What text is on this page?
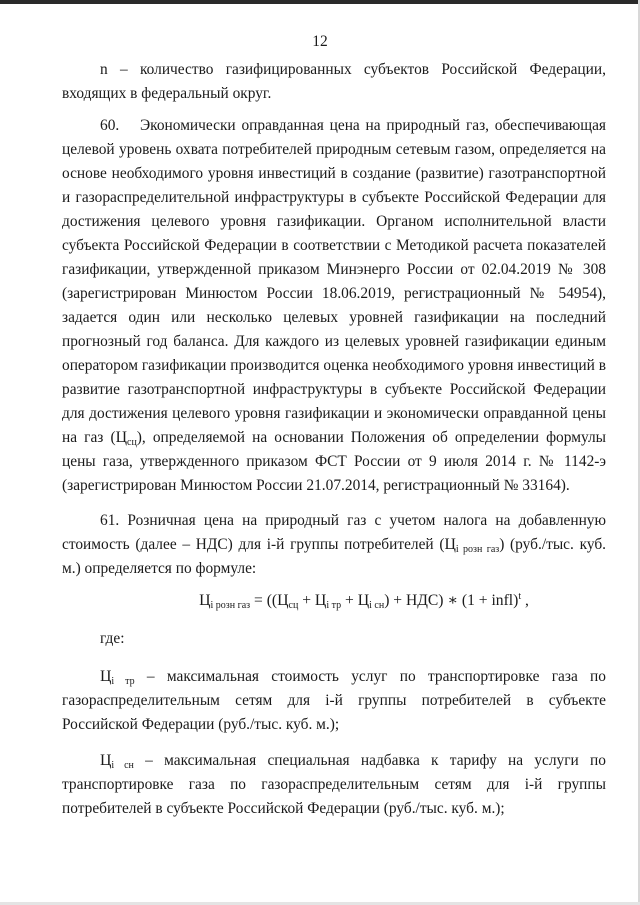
12

n – количество газифицированных субъектов Российской Федерации, входящих в федеральный округ.

60. Экономически оправданная цена на природный газ, обеспечивающая целевой уровень охвата потребителей природным сетевым газом, определяется на основе необходимого уровня инвестиций в создание (развитие) газотранспортной и газораспределительной инфраструктуры в субъекте Российской Федерации для достижения целевого уровня газификации. Органом исполнительной власти субъекта Российской Федерации в соответствии с Методикой расчета показателей газификации, утвержденной приказом Минэнерго России от 02.04.2019 № 308 (зарегистрирован Минюстом России 18.06.2019, регистрационный № 54954), задается один или несколько целевых уровней газификации на последний прогнозный год баланса. Для каждого из целевых уровней газификации единым оператором газификации производится оценка необходимого уровня инвестиций в развитие газотранспортной инфраструктуры в субъекте Российской Федерации для достижения целевого уровня газификации и экономически оправданной цены на газ $(Ц_{сц})$, определяемой на основании Положения об определении формулы цены газа, утвержденного приказом ФСТ России от 9 июля 2014 г. № 1142-э (зарегистрирован Минюстом России 21.07.2014, регистрационный № 33164).

61. Розничная цена на природный газ с учетом налога на добавленную стоимость (далее – НДС) для i-й группы потребителей $(Ц_{i розн газ})$ (руб./тыс. куб. м.) определяется по формуле:

$Ц_{i розн газ} = ((Ц_{сц} + Ц_{i тр} + Ц_{i сн}) + НДС)$ ∗ (1 + infl)$^t$ ,

где:

$Ц_{i тр}$ – максимальная стоимость услуг по транспортировке газа по газораспределительным сетям для i-й группы потребителей в субъекте Российской Федерации (руб./тыс. куб. м.);

$Ц_{i сн}$ – максимальная специальная надбавка к тарифу на услуги по транспортировке газа по газораспределительным сетям для i-й группы потребителей в субъекте Российской Федерации (руб./тыс. куб. м.);
